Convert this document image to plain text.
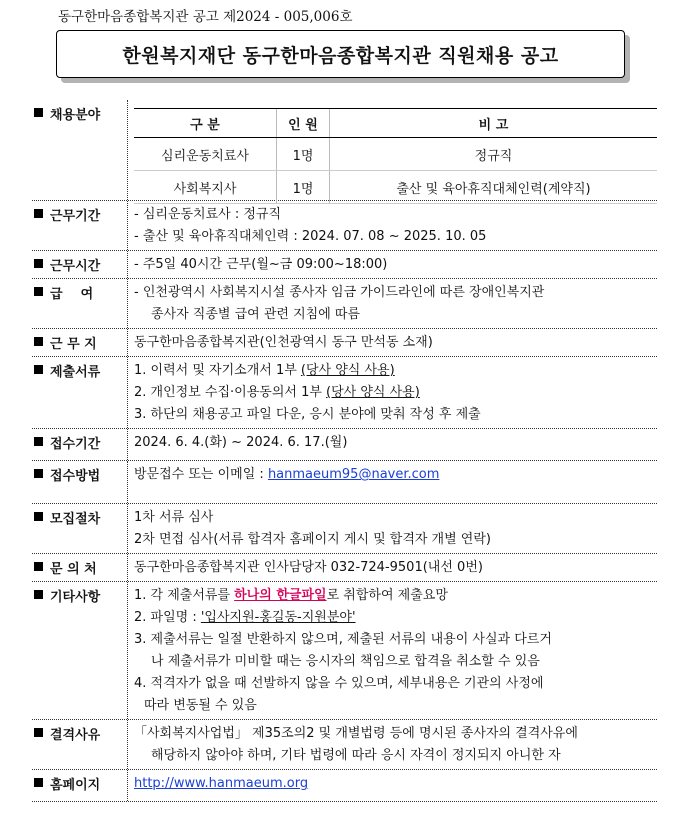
동구한마음종합복지관 공고 제2024 - 005,006호
한원복지재단 동구한마음종합복지관 직원채용 공고
채용분야
구 분	인 원	비 고
심리운동치료사	1명	정규직
사회복지사	1명	출산 및 육아휴직대체인력(계약직)
근무기간	- 심리운동치료사 : 정규직
- 출산 및 육아휴직대체인력 : 2024. 07. 08 ~ 2025. 10. 05
근무시간	- 주5일 40시간 근무(월~금 09:00~18:00)
급    여	- 인천광역시 사회복지시설 종사자 임금 가이드라인에 따른 장애인복지관
종사자 직종별 급여 관련 지침에 따름
근 무 지	동구한마음종합복지관(인천광역시 동구 만석동 소재)
제출서류	1. 이력서 및 자기소개서 1부 (당사 양식 사용)
2. 개인정보 수집·이용동의서 1부 (당사 양식 사용)
3. 하단의 채용공고 파일 다운, 응시 분야에 맞춰 작성 후 제출
접수기간	2024. 6. 4.(화) ~ 2024. 6. 17.(월)
접수방법	방문접수 또는 이메일 : hanmaeum95@naver.com
모집절차	1차 서류 심사
2차 면접 심사(서류 합격자 홈페이지 게시 및 합격자 개별 연락)
문 의 처	동구한마음종합복지관 인사담당자 032-724-9501(내선 0번)
기타사항	1. 각 제출서류를 하나의 한글파일로 취합하여 제출요망
2. 파일명 : '입사지원-홍길동-지원분야'
3. 제출서류는 일절 반환하지 않으며, 제출된 서류의 내용이 사실과 다르거
나 제출서류가 미비할 때는 응시자의 책임으로 합격을 취소할 수 있음
4. 적격자가 없을 때 선발하지 않을 수 있으며, 세부내용은 기관의 사정에
따라 변동될 수 있음
결격사유	「사회복지사업법」 제35조의2 및 개별법령 등에 명시된 종사자의 결격사유에
해당하지 않아야 하며, 기타 법령에 따라 응시 자격이 정지되지 아니한 자
홈페이지	http://www.hanmaeum.org
